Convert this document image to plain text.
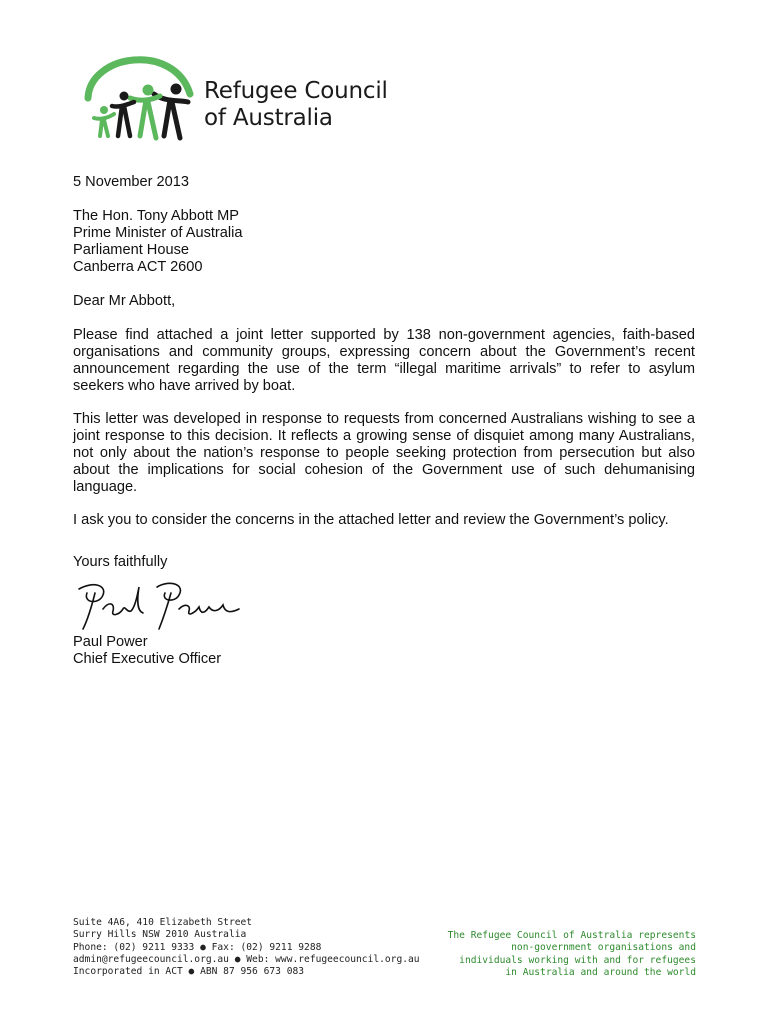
Refugee Council
of Australia

5 November 2013

The Hon. Tony Abbott MP
Prime Minister of Australia
Parliament House
Canberra ACT 2600

Dear Mr Abbott,

Please find attached a joint letter supported by 138 non-government agencies, faith-based organisations and community groups, expressing concern about the Government’s recent announcement regarding the use of the term “illegal maritime arrivals” to refer to asylum seekers who have arrived by boat.

This letter was developed in response to requests from concerned Australians wishing to see a joint response to this decision. It reflects a growing sense of disquiet among many Australians, not only about the nation’s response to people seeking protection from persecution but also about the implications for social cohesion of the Government use of such dehumanising language.

I ask you to consider the concerns in the attached letter and review the Government’s policy.

Yours faithfully

Paul Power
Chief Executive Officer
Suite 4A6, 410 Elizabeth Street
Surry Hills NSW 2010 Australia
Phone: (02) 9211 9333 ● Fax: (02) 9211 9288
admin@refugeecouncil.org.au ● Web: www.refugeecouncil.org.au
Incorporated in ACT ● ABN 87 956 673 083
The Refugee Council of Australia represents
non-government organisations and
individuals working with and for refugees
in Australia and around the world
